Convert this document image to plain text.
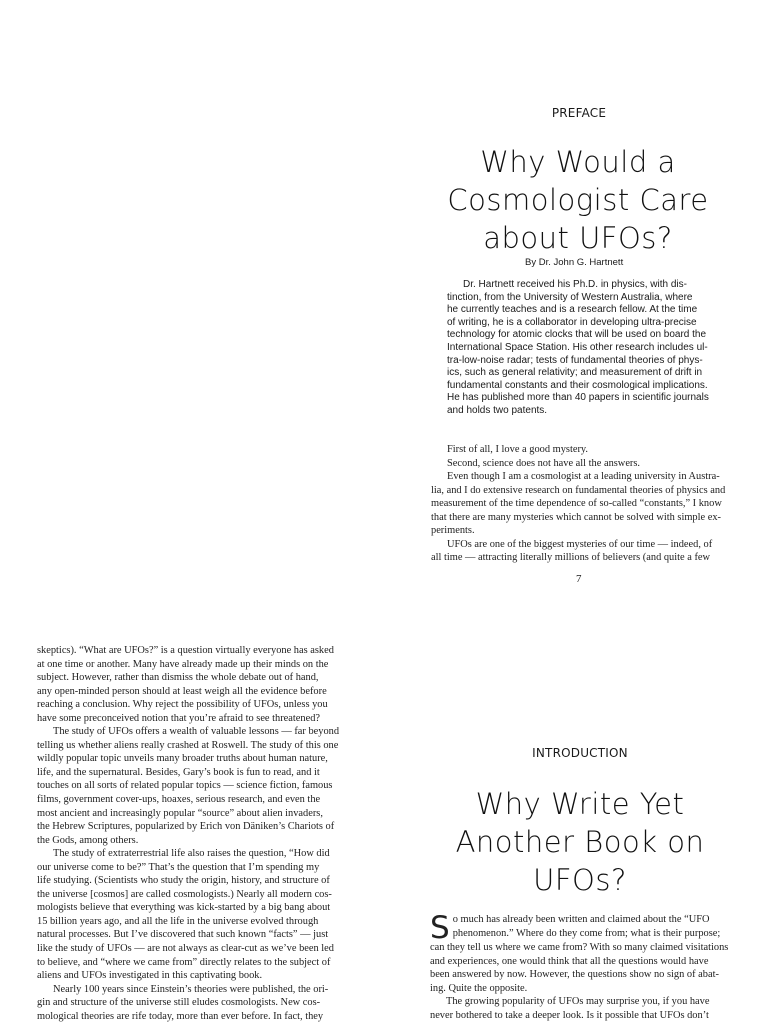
PREFACE
Why Would a
Cosmologist Care
about UFOs?
By Dr. John G. Hartnett
Dr. Hartnett received his Ph.D. in physics, with dis-
tinction, from the University of Western Australia, where
he currently teaches and is a research fellow. At the time
of writing, he is a collaborator in developing ultra-precise
technology for atomic clocks that will be used on board the
International Space Station. His other research includes ul-
tra-low-noise radar; tests of fundamental theories of phys-
ics, such as general relativity; and measurement of drift in
fundamental constants and their cosmological implications.
He has published more than 40 papers in scientific journals
and holds two patents.
First of all, I love a good mystery.
Second, science does not have all the answers.
Even though I am a cosmologist at a leading university in Austra-
lia, and I do extensive research on fundamental theories of physics and
measurement of the time dependence of so-called “constants,” I know
that there are many mysteries which cannot be solved with simple ex-
periments.
UFOs are one of the biggest mysteries of our time — indeed, of
all time — attracting literally millions of believers (and quite a few
7
skeptics). “What are UFOs?” is a question virtually everyone has asked
at one time or another. Many have already made up their minds on the
subject. However, rather than dismiss the whole debate out of hand,
any open-minded person should at least weigh all the evidence before
reaching a conclusion. Why reject the possibility of UFOs, unless you
have some preconceived notion that you’re afraid to see threatened?
The study of UFOs offers a wealth of valuable lessons — far beyond
telling us whether aliens really crashed at Roswell. The study of this one
wildly popular topic unveils many broader truths about human nature,
life, and the supernatural. Besides, Gary’s book is fun to read, and it
touches on all sorts of related popular topics — science fiction, famous
films, government cover-ups, hoaxes, serious research, and even the
most ancient and increasingly popular “source” about alien invaders,
the Hebrew Scriptures, popularized by Erich von Däniken’s Chariots of
the Gods, among others.
The study of extraterrestrial life also raises the question, “How did
our universe come to be?” That’s the question that I’m spending my
life studying. (Scientists who study the origin, history, and structure of
the universe [cosmos] are called cosmologists.) Nearly all modern cos-
mologists believe that everything was kick-started by a big bang about
15 billion years ago, and all the life in the universe evolved through
natural processes. But I’ve discovered that such known “facts” — just
like the study of UFOs — are not always as clear-cut as we’ve been led
to believe, and “where we came from” directly relates to the subject of
aliens and UFOs investigated in this captivating book.
Nearly 100 years since Einstein’s theories were published, the ori-
gin and structure of the universe still eludes cosmologists. New cos-
mological theories are rife today, more than ever before. In fact, they
INTRODUCTION
Why Write Yet
Another Book on
UFOs?
S o much has already been written and claimed about the “UFO
phenomenon.” Where do they come from; what is their purpose;
can they tell us where we came from? With so many claimed visitations
and experiences, one would think that all the questions would have
been answered by now. However, the questions show no sign of abat-
ing. Quite the opposite.
The growing popularity of UFOs may surprise you, if you have
never bothered to take a deeper look. Is it possible that UFOs don’t
